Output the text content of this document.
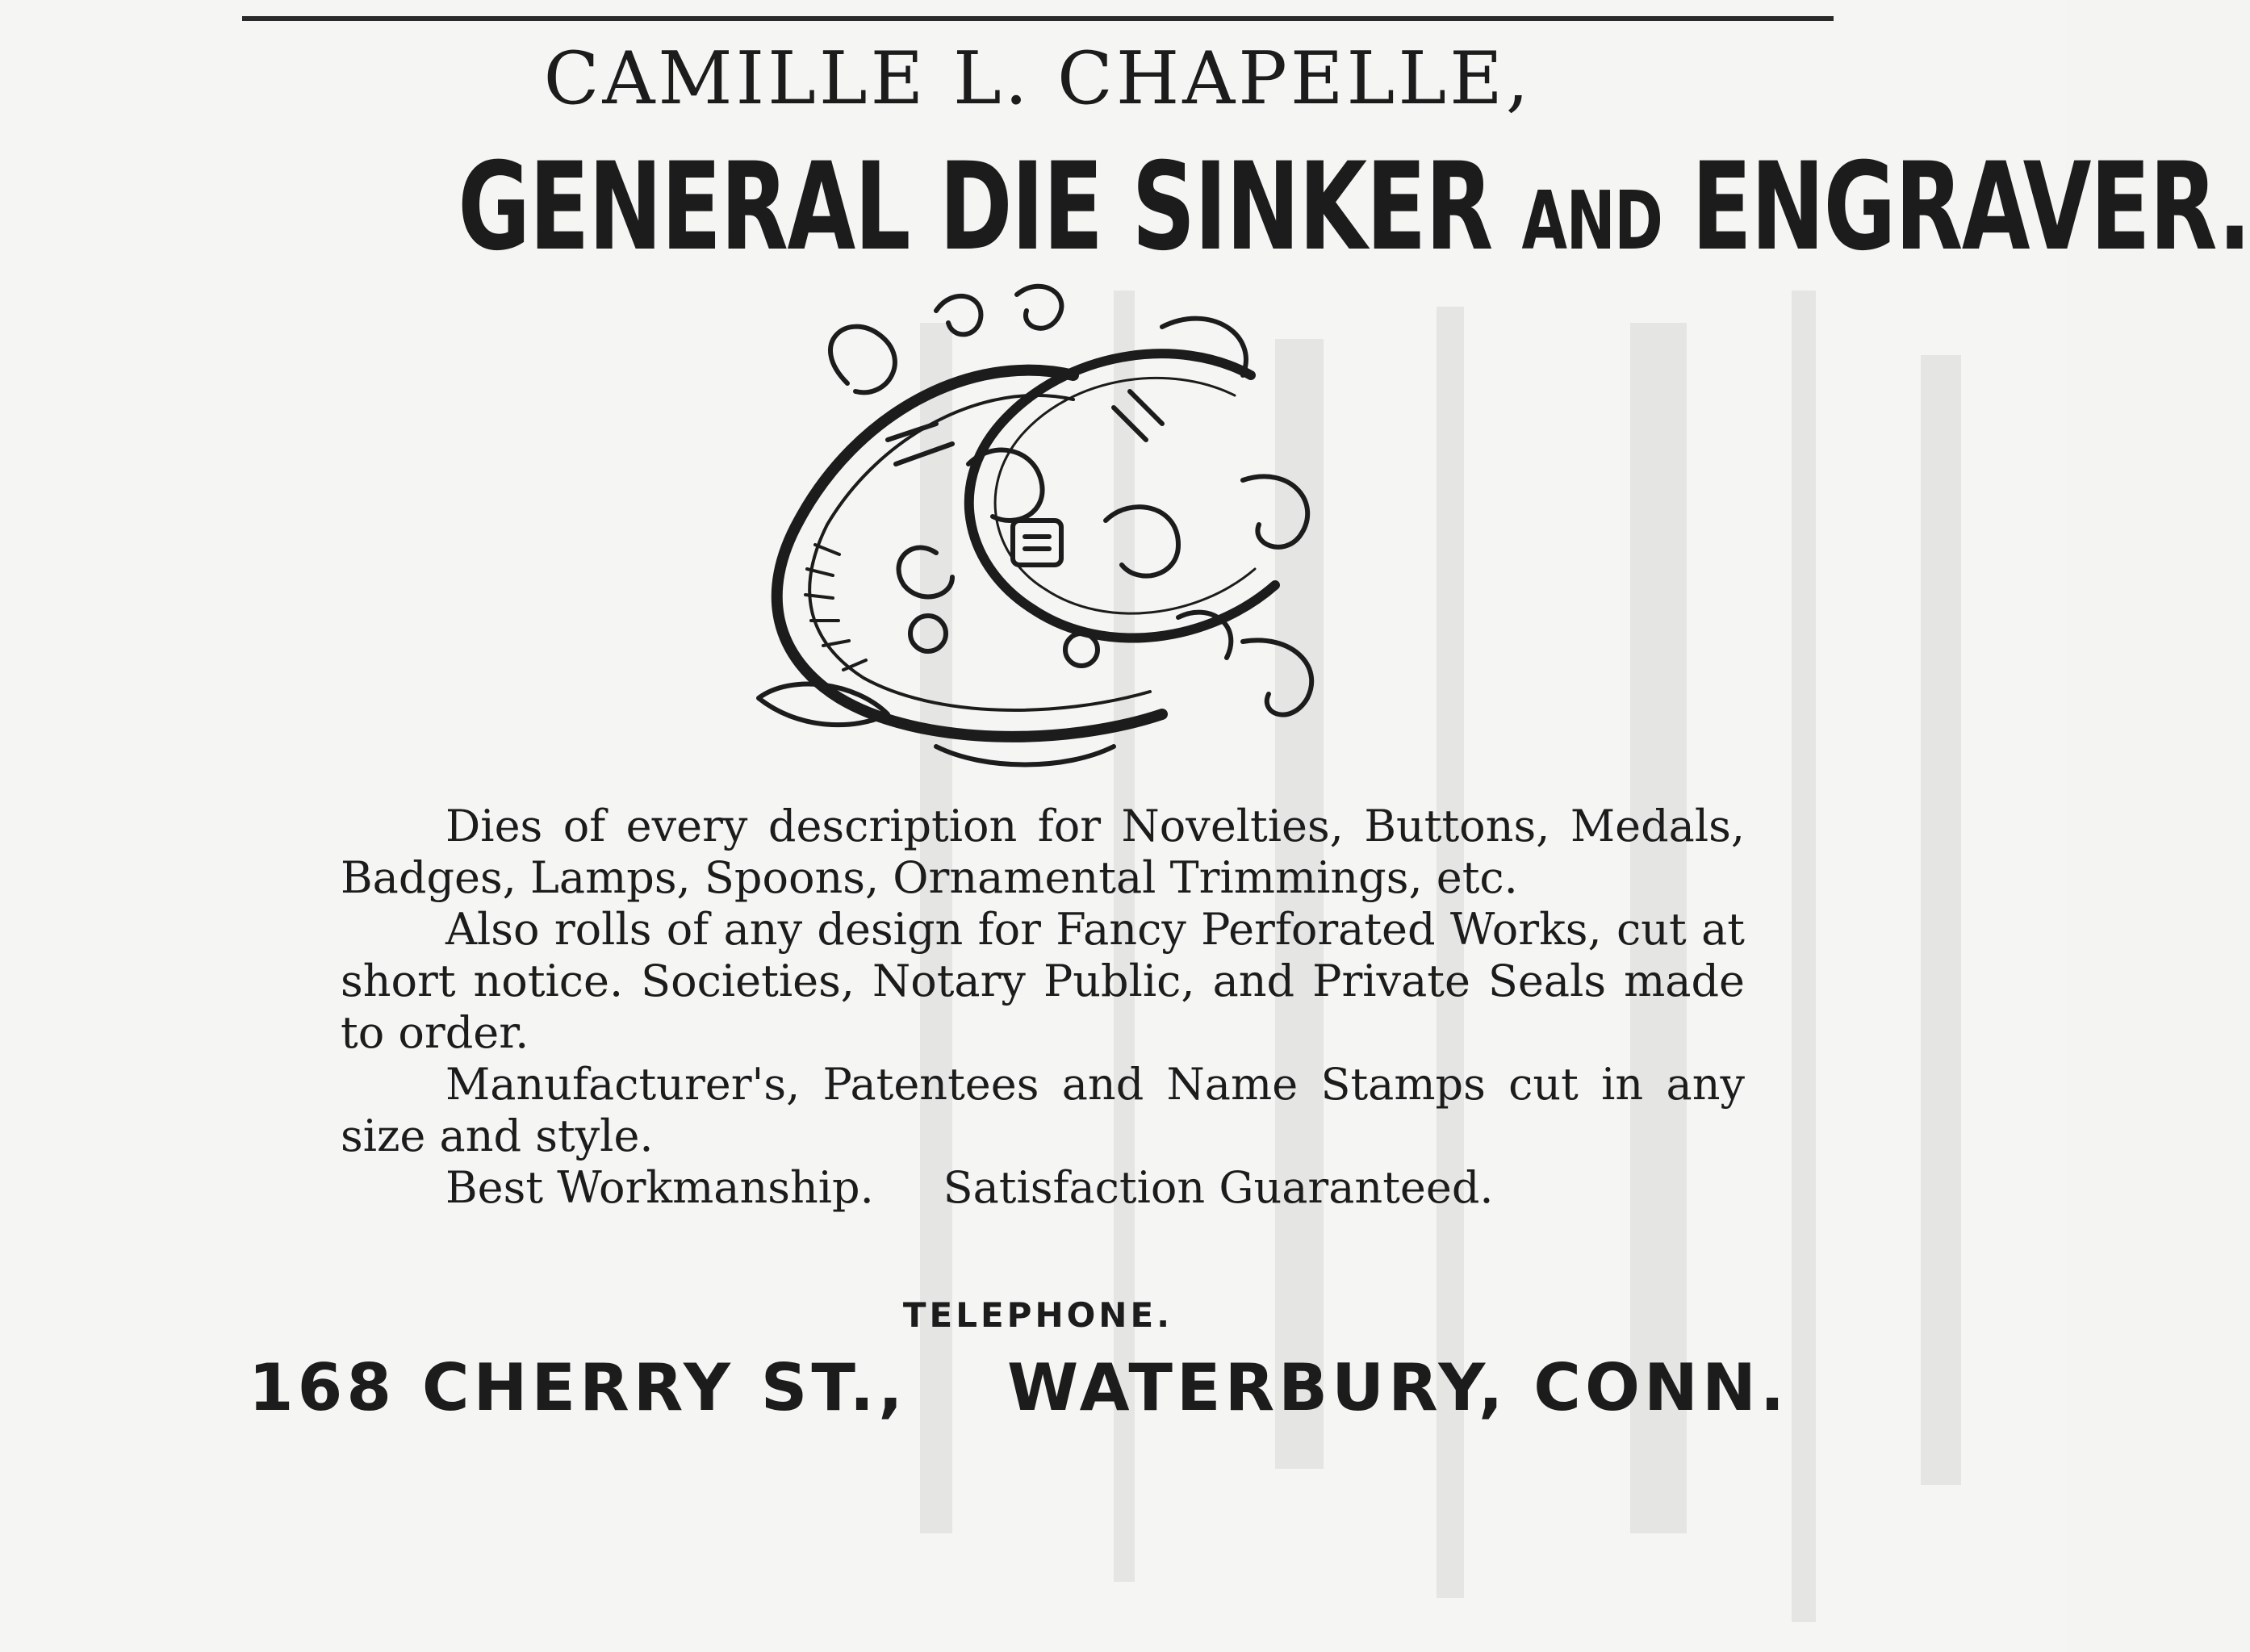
CAMILLE L. CHAPELLE,
GENERAL DIE SINKER AND ENGRAVER.

Dies of every description for Novelties, Buttons, Medals, Badges, Lamps, Spoons, Ornamental Trimmings, etc.

Also rolls of any design for Fancy Perforated Works, cut at short notice. Societies, Notary Public, and Private Seals made to order.

Manufacturer's, Patentees and Name Stamps cut in any size and style.

Best Workmanship.     Satisfaction Guaranteed.

TELEPHONE.
168 CHERRY ST., WATERBURY, CONN.
